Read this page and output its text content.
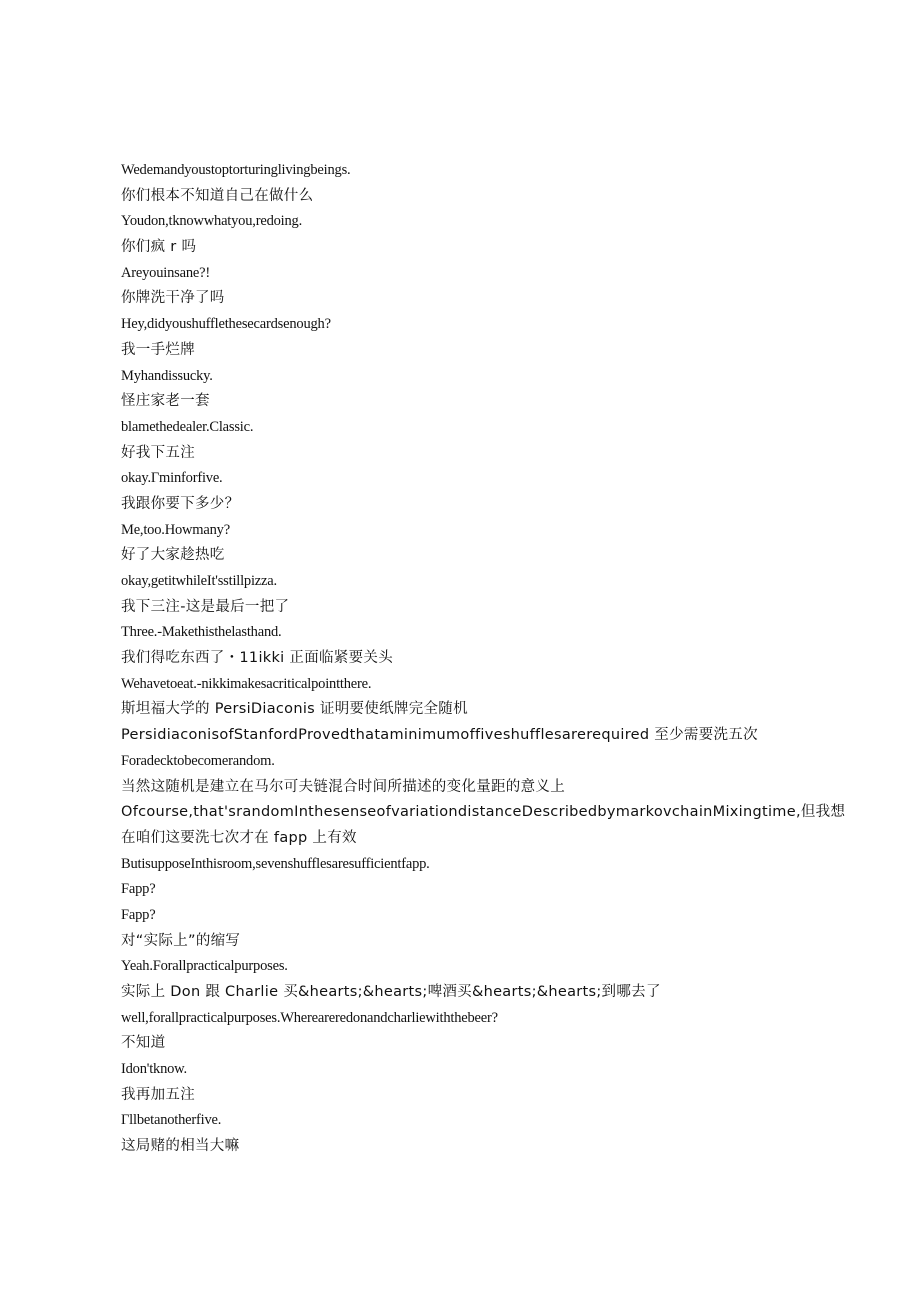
Wedemandyoustoptorturinglivingbeings.
你们根本不知道自己在做什么
Youdon,tknowwhatyou,redoing.
你们疯 r 吗
Areyouinsane?!
你牌洗干净了吗
Hey,didyoushufflethesecardsenough?
我一手烂牌
Myhandissucky.
怪庄家老一套
blamethedealer.Classic.
好我下五注
okay.Γminforfive.
我跟你要下多少？
Me,too.Howmany?
好了大家趁热吃
okay,getitwhileIt'sstillpizza.
我下三注-这是最后一把了
Three.-Makethisthelasthand.
我们得吃东西了・11ikki 正面临紧要关头
Wehavetoeat.-nikkimakesacriticalpointthere.
斯坦福大学的 PersiDiaconis 证明要使纸牌完全随机
PersidiaconisofStanfordProvedthataminimumoffiveshufflesarerequired 至少需要洗五次
Foradecktobecomerandom.
当然这随机是建立在马尔可夫链混合时间所描述的变化量距的意义上
Ofcourse,that'srandomInthesenseofvariationdistanceDescribedbymarkovchainMixingtime,但我想
在咱们这要洗七次才在 fapp 上有效
ButisupposeInthisroom,sevenshufflesaresufficientfapp.
Fapp?
Fapp?
对“实际上”的缩写
Yeah.Forallpracticalpurposes.
实际上 Don 跟 Charlie 买&hearts;&hearts;啤酒买&hearts;&hearts;到哪去了
well,forallpracticalpurposes.Whereareredonandcharliewiththebeer?
不知道
Idon'tknow.
我再加五注
Γllbetanotherfive.
这局赌的相当大嘛
